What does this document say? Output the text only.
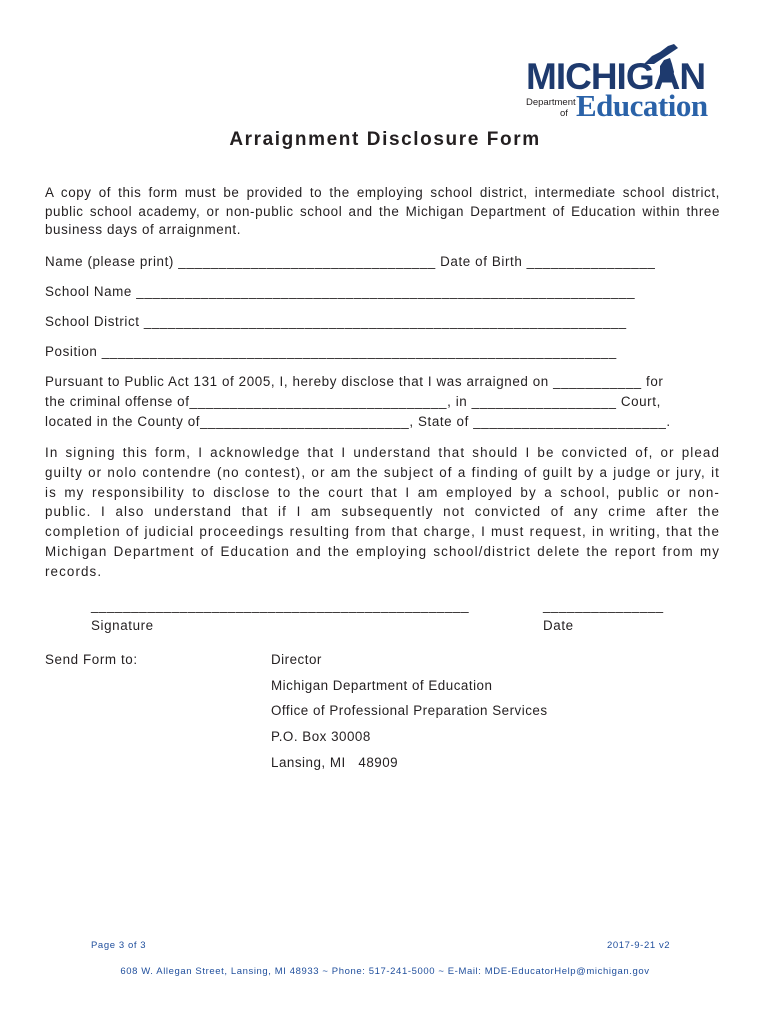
MICHIGAN
Department
of Education
Arraignment Disclosure Form
A copy of this form must be provided to the employing school district, intermediate school district, public school academy, or non-public school and the Michigan Department of Education within three business days of arraignment.
Name (please print) ________________________________ Date of Birth ________________
School Name ______________________________________________________________
School District ____________________________________________________________
Position ________________________________________________________________
Pursuant to Public Act 131 of 2005, I, hereby disclose that I was arraigned on ___________ for
the criminal offense of________________________________, in __________________ Court,
located in the County of__________________________, State of ________________________.
In signing this form, I acknowledge that I understand that should I be convicted of, or plead guilty or nolo contendre (no contest), or am the subject of a finding of guilt by a judge or jury, it is my responsibility to disclose to the court that I am employed by a school, public or non-public. I also understand that if I am subsequently not convicted of any crime after the completion of judicial proceedings resulting from that charge, I must request, in writing, that the Michigan Department of Education and the employing school/district delete the report from my records.
_______________________________________________
Signature
_______________
Date
Send Form to:	Director
Michigan Department of Education
Office of Professional Preparation Services
P.O. Box 30008
Lansing, MI   48909
Page 3 of 3	2017-9-21 v2
608 W. Allegan Street, Lansing, MI 48933 ~ Phone: 517-241-5000 ~ E-Mail: MDE-EducatorHelp@michigan.gov
